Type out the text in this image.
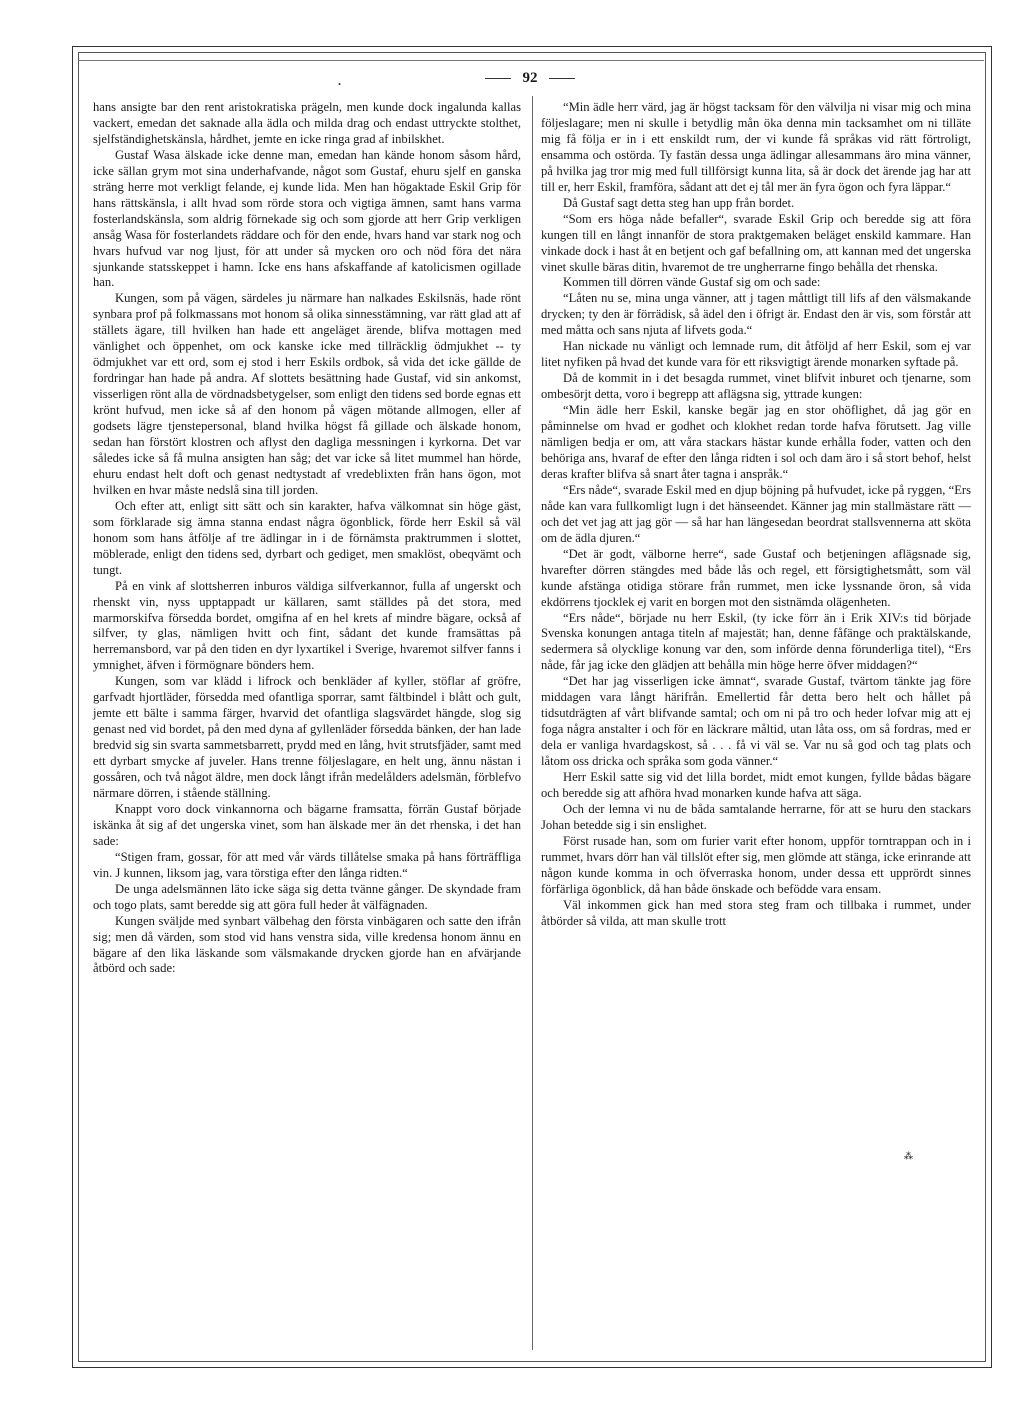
.	92

hans ansigte bar den rent aristokratiska prägeln, men kunde dock ingalunda kallas vackert, emedan det saknade alla ädla och milda drag och endast uttryckte stolthet, sjelfständighetskänsla, hårdhet, jemte en icke ringa grad af inbilskhet.

Gustaf Wasa älskade icke denne man, emedan han kände honom såsom hård, icke sällan grym mot sina underhafvande, något som Gustaf, ehuru sjelf en ganska sträng herre mot verkligt felande, ej kunde lida. Men han högaktade Eskil Grip för hans rättskänsla, i allt hvad som rörde stora och vigtiga ämnen, samt hans varma fosterlandskänsla, som aldrig förnekade sig och som gjorde att herr Grip verkligen ansåg Wasa för fosterlandets räddare och för den ende, hvars hand var stark nog och hvars hufvud var nog ljust, för att under så mycken oro och nöd föra det nära sjunkande statsskeppet i hamn. Icke ens hans afskaffande af katolicismen ogillade han.

Kungen, som på vägen, särdeles ju närmare han nalkades Eskilsnäs, hade rönt synbara prof på folkmassans mot honom så olika sinnesstämning, var rätt glad att af ställets ägare, till hvilken han hade ett angeläget ärende, blifva mottagen med vänlighet och öppenhet, om ock kanske icke med tillräcklig ödmjukhet -- ty ödmjukhet var ett ord, som ej stod i herr Eskils ordbok, så vida det icke gällde de fordringar han hade på andra. Af slottets besättning hade Gustaf, vid sin ankomst, visserligen rönt alla de vördnadsbetygelser, som enligt den tidens sed borde egnas ett krönt hufvud, men icke så af den honom på vägen mötande allmogen, eller af godsets lägre tjenstepersonal, bland hvilka högst få gillade och älskade honom, sedan han förstört klostren och aflyst den dagliga messningen i kyrkorna. Det var således icke så få mulna ansigten han såg; det var icke så litet mummel han hörde, ehuru endast helt doft och genast nedtystadt af vredeblixten från hans ögon, mot hvilken en hvar måste nedslå sina till jorden.

Och efter att, enligt sitt sätt och sin karakter, hafva välkomnat sin höge gäst, som förklarade sig ämna stanna endast några ögonblick, förde herr Eskil så väl honom som hans åtfölje af tre ädlingar in i de förnämsta praktrummen i slottet, möblerade, enligt den tidens sed, dyrbart och gediget, men smaklöst, obeqvämt och tungt.

På en vink af slottsherren inburos väldiga silfverkannor, fulla af ungerskt och rhenskt vin, nyss upptappadt ur källaren, samt ställdes på det stora, med marmorskifva försedda bordet, omgifna af en hel krets af mindre bägare, också af silfver, ty glas, nämligen hvitt och fint, sådant det kunde framsättas på herremansbord, var på den tiden en dyr lyxartikel i Sverige, hvaremot silfver fanns i ymnighet, äfven i förmögnare bönders hem.

Kungen, som var klädd i lifrock och benkläder af kyller, stöflar af gröfre, garfvadt hjortläder, försedda med ofantliga sporrar, samt fältbindel i blått och gult, jemte ett bälte i samma färger, hvarvid det ofantliga slagsvärdet hängde, slog sig genast ned vid bordet, på den med dyna af gyllenläder försedda bänken, der han lade bredvid sig sin svarta sammetsbarrett, prydd med en lång, hvit strutsfjäder, samt med ett dyrbart smycke af juveler. Hans trenne följeslagare, en helt ung, ännu nästan i gossåren, och två något äldre, men dock långt ifrån medelålders adelsmän, förblefvo närmare dörren, i stående ställning.

Knappt voro dock vinkannorna och bägarne framsatta, förrän Gustaf började iskänka åt sig af det ungerska vinet, som han älskade mer än det rhenska, i det han sade:

“Stigen fram, gossar, för att med vår värds tillåtelse smaka på hans förträffliga vin. J kunnen, liksom jag, vara törstiga efter den långa ridten.“

De unga adelsmännen läto icke säga sig detta tvänne gånger. De skyndade fram och togo plats, samt beredde sig att göra full heder åt välfägnaden.

Kungen sväljde med synbart välbehag den första vinbägaren och satte den ifrån sig; men då värden, som stod vid hans venstra sida, ville kredensa honom ännu en bägare af den lika läskande som välsmakande drycken gjorde han en afvärjande åtbörd och sade:

“Min ädle herr värd, jag är högst tacksam för den välvilja ni visar mig och mina följeslagare; men ni skulle i betydlig mån öka denna min tacksamhet om ni tilläte mig få följa er in i ett enskildt rum, der vi kunde få språkas vid rätt förtroligt, ensamma och ostörda. Ty fastän dessa unga ädlingar allesammans äro mina vänner, på hvilka jag tror mig med full tillförsigt kunna lita, så är dock det ärende jag har att till er, herr Eskil, framföra, sådant att det ej tål mer än fyra ögon och fyra läppar.“

Då Gustaf sagt detta steg han upp från bordet.

“Som ers höga nåde befaller“, svarade Eskil Grip och beredde sig att föra kungen till en långt innanför de stora praktgemaken beläget enskild kammare. Han vinkade dock i hast åt en betjent och gaf befallning om, att kannan med det ungerska vinet skulle bäras ditin, hvaremot de tre ungherrarne fingo behålla det rhenska.

Kommen till dörren vände Gustaf sig om och sade:

“Låten nu se, mina unga vänner, att j tagen måttligt till lifs af den välsmakande drycken; ty den är förrädisk, så ädel den i öfrigt är. Endast den är vis, som förstår att med måtta och sans njuta af lifvets goda.“

Han nickade nu vänligt och lemnade rum, dit åtföljd af herr Eskil, som ej var litet nyfiken på hvad det kunde vara för ett riksvigtigt ärende monarken syftade på.

Då de kommit in i det besagda rummet, vinet blifvit inburet och tjenarne, som ombesörjt detta, voro i begrepp att aflägsna sig, yttrade kungen:

“Min ädle herr Eskil, kanske begär jag en stor ohöflighet, då jag gör en påminnelse om hvad er godhet och klokhet redan torde hafva förutsett. Jag ville nämligen bedja er om, att våra stackars hästar kunde erhålla foder, vatten och den behöriga ans, hvaraf de efter den långa ridten i sol och dam äro i så stort behof, helst deras krafter blifva så snart åter tagna i anspråk.“

“Ers nåde“, svarade Eskil med en djup böjning på hufvudet, icke på ryggen, “Ers nåde kan vara fullkomligt lugn i det hänseendet. Känner jag min stallmästare rätt — och det vet jag att jag gör — så har han längesedan beordrat stallsvennerna att sköta om de ädla djuren.“

“Det är godt, välborne herre“, sade Gustaf och betjeningen aflägsnade sig, hvarefter dörren stängdes med både lås och regel, ett försigtighetsmått, som väl kunde afstänga otidiga störare från rummet, men icke lyssnande öron, så vida ekdörrens tjocklek ej varit en borgen mot den sistnämda olägenheten.

“Ers nåde“, började nu herr Eskil, (ty icke förr än i Erik XIV:s tid började Svenska konungen antaga titeln af majestät; han, denne fåfänge och praktälskande, sedermera så olycklige konung var den, som införde denna förunderliga titel), “Ers nåde, får jag icke den glädjen att behålla min höge herre öfver middagen?“

“Det har jag visserligen icke ämnat“, svarade Gustaf, tvärtom tänkte jag före middagen vara långt härifrån. Emellertid får detta bero helt och hållet på tidsutdrägten af vårt blifvande samtal; och om ni på tro och heder lofvar mig att ej foga några anstalter i och för en läckrare måltid, utan låta oss, om så fordras, med er dela er vanliga hvardagskost, så . . . få vi väl se. Var nu så god och tag plats och låtom oss dricka och språka som goda vänner.“

Herr Eskil satte sig vid det lilla bordet, midt emot kungen, fyllde bådas bägare och beredde sig att afhöra hvad monarken kunde hafva att säga.

Och der lemna vi nu de båda samtalande herrarne, för att se huru den stackars Johan betedde sig i sin enslighet.

Först rusade han, som om furier varit efter honom, uppför torntrappan och in i rummet, hvars dörr han väl tillslöt efter sig, men glömde att stänga, icke erinrande att någon kunde komma in och öfverraska honom, under dessa ett upprördt sinnes förfärliga ögonblick, då han både önskade och befödde vara ensam.

Väl inkommen gick han med stora steg fram och tillbaka i rummet, under åtbörder så vilda, att man skulle trott

⁂
